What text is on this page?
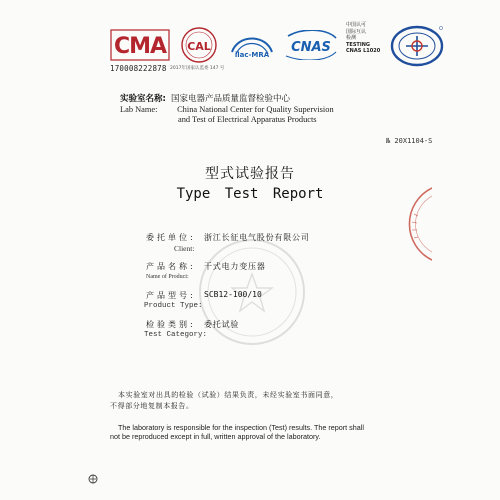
CMA CAL
ilac-MRA CNAS
中国认可
国际互认
检测
TESTING
CNAS L1020
170008222878 2017年国家认监委 147 号
实验室名称: 国家电器产品质量监督检验中心
Lab Name: China National Center for Quality Supervision
and Test of Electrical Apparatus Products
№ 20X1104-S
型式试验报告
Type Test Report
委托单位: 浙江长征电气股份有限公司
Client:
产品名称: 干式电力变压器
Name of Product:
产品型号: SCB12-100/10
Product Type:
检验类别: 委托试验
Test Category:
本实验室对出具的检验（试验）结果负责，未经实验室书面同意，
不得部分地复制本报告。
The laboratory is responsible for the inspection (Test) results. The report shall
not be reproduced except in full, written approval of the laboratory.
